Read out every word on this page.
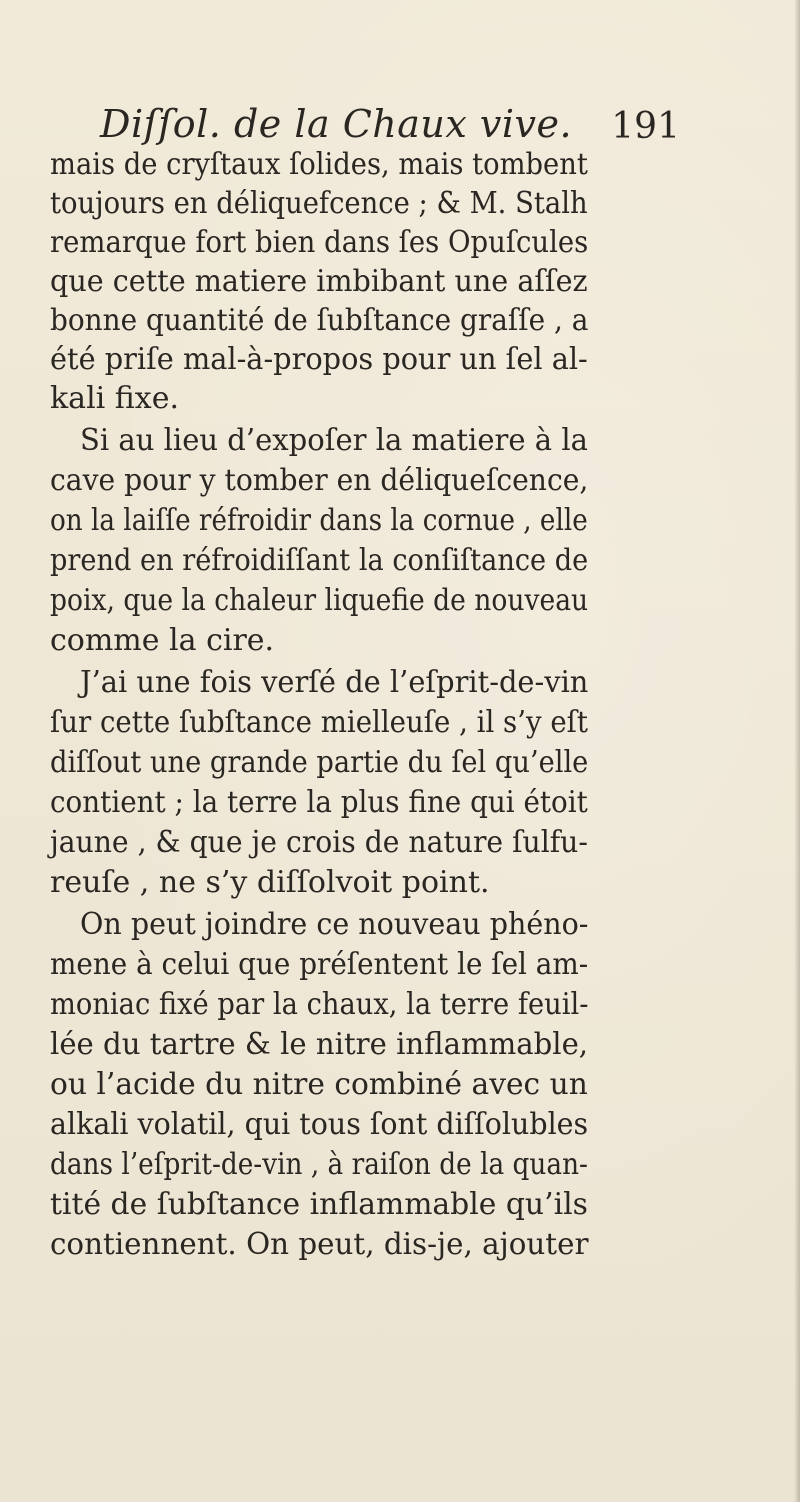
Diſſol. de la Chaux vive. 191
mais de cryſtaux ſolides, mais tombent
toujours en déliquefcence ; & M. Stalh
remarque fort bien dans ſes Opuſcules
que cette matiere imbibant une aſſez
bonne quantité de ſubſtance graſſe , a
été priſe mal-à-propos pour un ſel al-
kali fixe.
Si au lieu d’expoſer la matiere à la
cave pour y tomber en déliqueſcence,
on la laiſſe réfroidir dans la cornue , elle
prend en réfroidiſſant la conſiſtance de
poix, que la chaleur liquefie de nouveau
comme la cire.
J’ai une fois verſé de l’eſprit-de-vin
ſur cette ſubſtance mielleuſe , il s’y eſt
diſſout une grande partie du ſel qu’elle
contient ; la terre la plus fine qui étoit
jaune , & que je crois de nature ſulfu-
reuſe , ne s’y diſſolvoit point.
On peut joindre ce nouveau phéno-
mene à celui que préſentent le ſel am-
moniac fixé par la chaux, la terre feuil-
lée du tartre & le nitre inflammable,
ou l’acide du nitre combiné avec un
alkali volatil, qui tous ſont diſſolubles
dans l’eſprit-de-vin , à raiſon de la quan-
tité de ſubſtance inflammable qu’ils
contiennent. On peut, dis-je, ajouter
